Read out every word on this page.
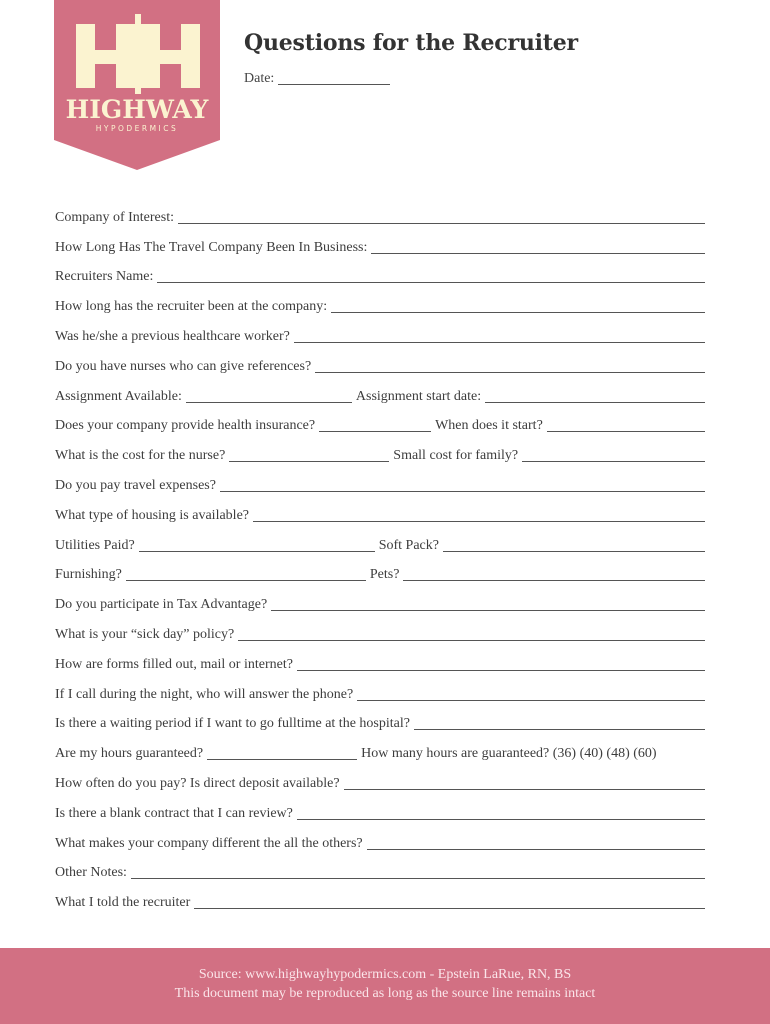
HIGHWAY
HYPODERMICS
Questions for the Recruiter
Date:
Company of Interest:
How Long Has The Travel Company Been In Business:
Recruiters Name:
How long has the recruiter been at the company:
Was he/she a previous healthcare worker?
Do you have nurses who can give references?
Assignment Available:	Assignment start date:
Does your company provide health insurance?	When does it start?
What is the cost for the nurse?	Small cost for family?
Do you pay travel expenses?
What type of housing is available?
Utilities Paid?	Soft Pack?
Furnishing?	Pets?
Do you participate in Tax Advantage?
What is your “sick day” policy?
How are forms filled out, mail or internet?
If I call during the night, who will answer the phone?
Is there a waiting period if I want to go fulltime at the hospital?
Are my hours guaranteed?	How many hours are guaranteed? (36) (40) (48) (60)
How often do you pay? Is direct deposit available?
Is there a blank contract that I can review?
What makes your company different the all the others?
Other Notes:
What I told the recruiter
Source: www.highwayhypodermics.com - Epstein LaRue, RN, BS
This document may be reproduced as long as the source line remains intact
